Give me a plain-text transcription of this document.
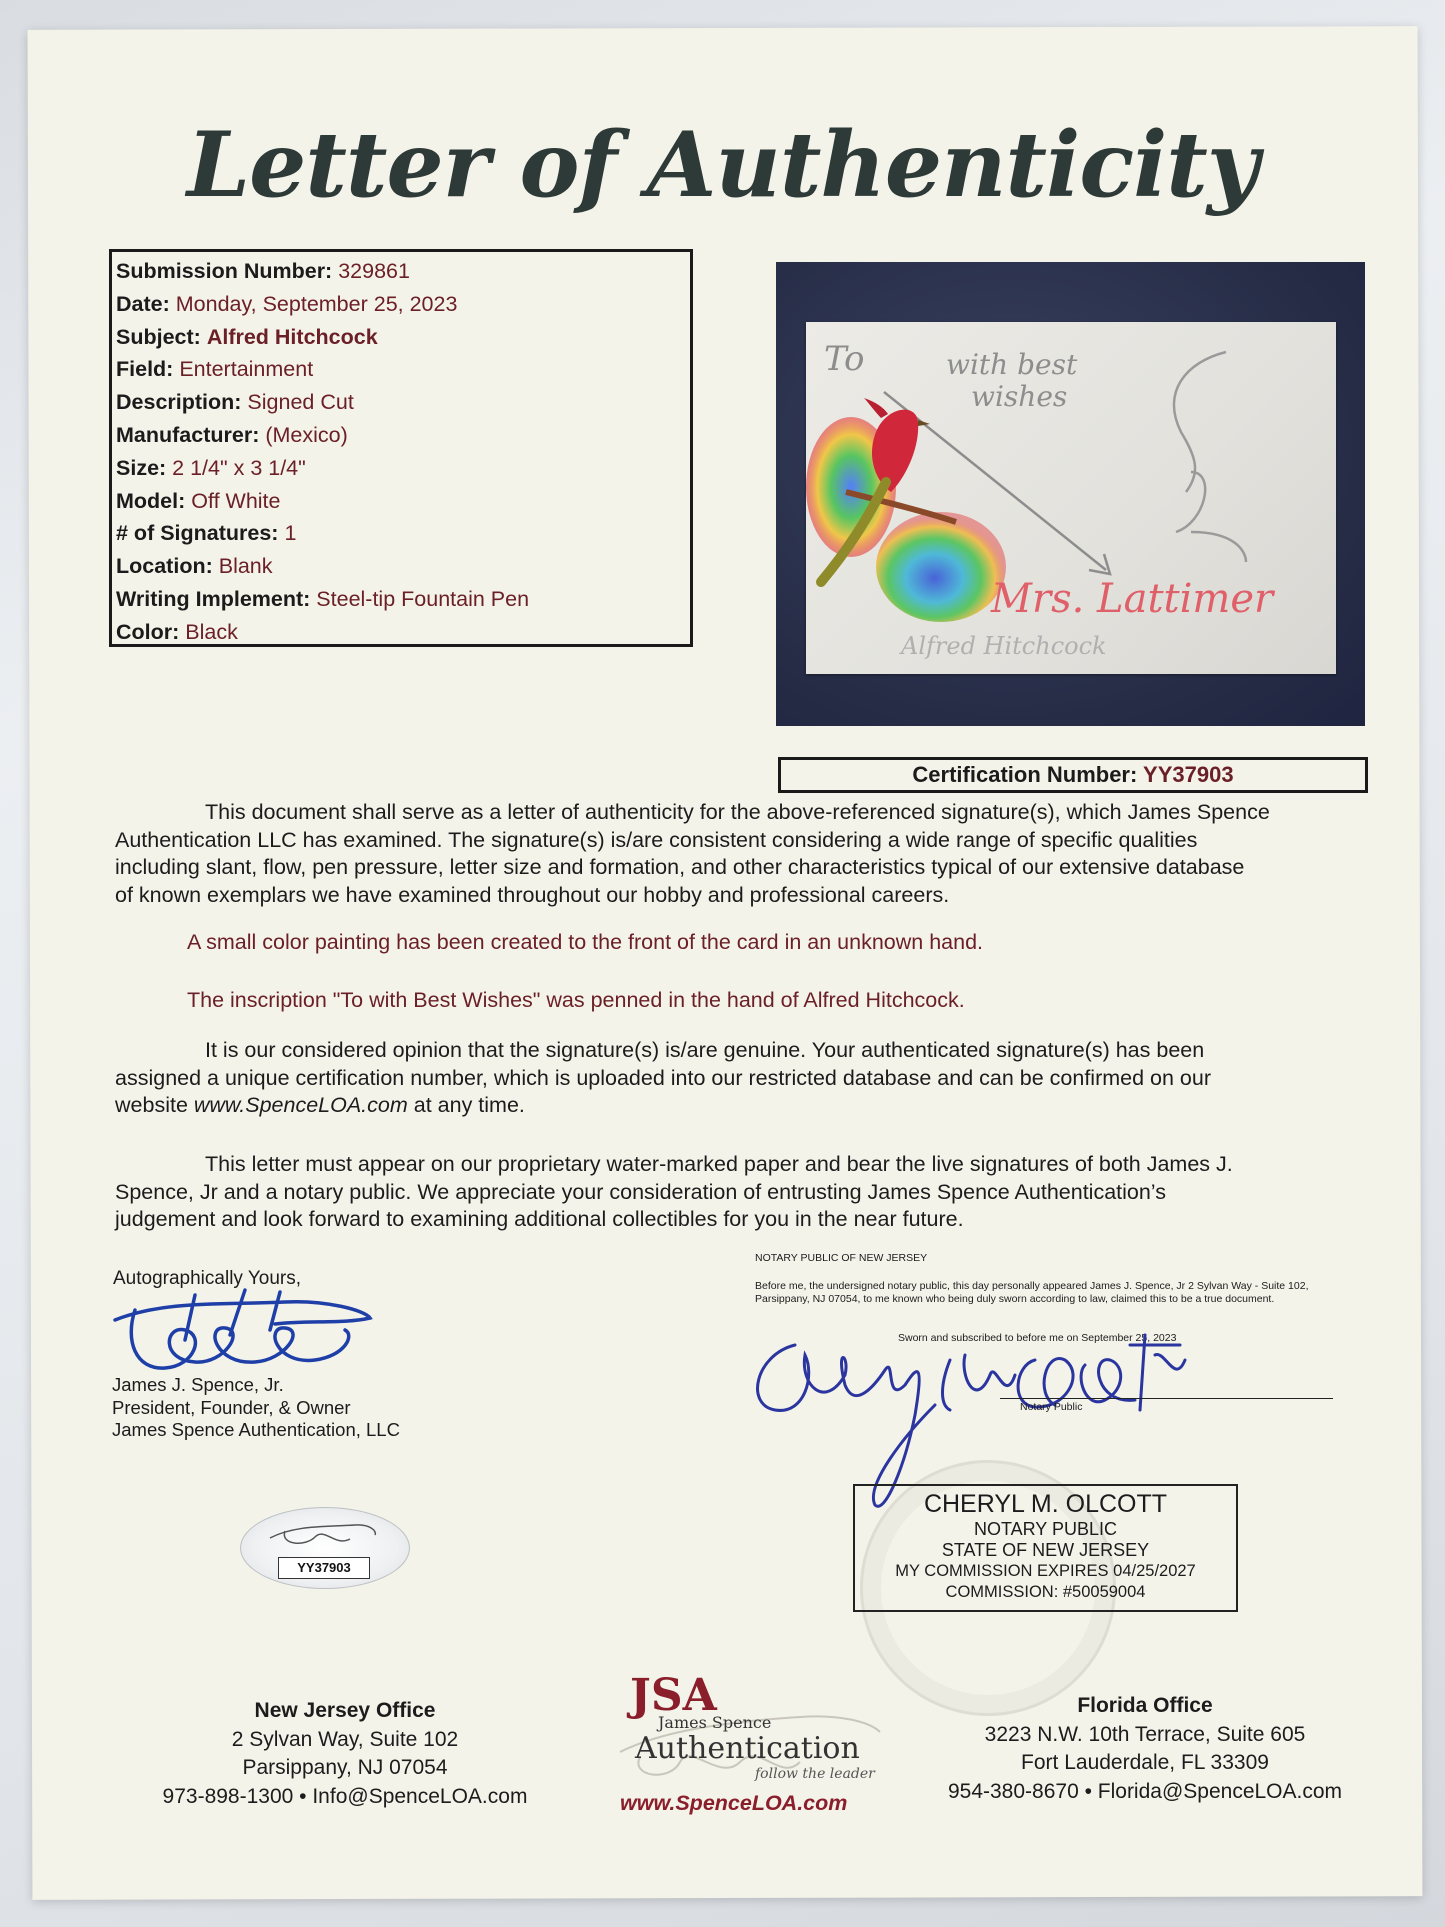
Letter of Authenticity
Submission Number: 329861
Date: Monday, September 25, 2023
Subject: Alfred Hitchcock
Field: Entertainment
Description: Signed Cut
Manufacturer: (Mexico)
Size: 2 1/4" x 3 1/4"
Model: Off White
# of Signatures: 1
Location: Blank
Writing Implement: Steel-tip Fountain Pen
Color: Black
To	with best
wishes
Mrs. Lattimer
Alfred Hitchcock
Certification Number: YY37903
This document shall serve as a letter of authenticity for the above-referenced signature(s), which James Spence
Authentication LLC has examined. The signature(s) is/are consistent considering a wide range of specific qualities
including slant, flow, pen pressure, letter size and formation, and other characteristics typical of our extensive database
of known exemplars we have examined throughout our hobby and professional careers.
A small color painting has been created to the front of the card in an unknown hand.
The inscription "To with Best Wishes" was penned in the hand of Alfred Hitchcock.
It is our considered opinion that the signature(s) is/are genuine. Your authenticated signature(s) has been
assigned a unique certification number, which is uploaded into our restricted database and can be confirmed on our
website www.SpenceLOA.com at any time.
This letter must appear on our proprietary water-marked paper and bear the live signatures of both James J.
Spence, Jr and a notary public. We appreciate your consideration of entrusting James Spence Authentication’s
judgement and look forward to examining additional collectibles for you in the near future.
Autographically Yours,
James J. Spence, Jr.
President, Founder, & Owner
James Spence Authentication, LLC
YY37903
NOTARY PUBLIC OF NEW JERSEY
Before me, the undersigned notary public, this day personally appeared James J. Spence, Jr 2 Sylvan Way - Suite 102, Parsippany, NJ 07054, to me known who being duly sworn according to law, claimed this to be a true document.
Sworn and subscribed to before me on September 25, 2023
Notary Public
CHERYL M. OLCOTT
NOTARY PUBLIC
STATE OF NEW JERSEY
MY COMMISSION EXPIRES 04/25/2027
COMMISSION: #50059004
New Jersey Office
2 Sylvan Way, Suite 102
Parsippany, NJ 07054
973-898-1300 • Info@SpenceLOA.com
Florida Office
3223 N.W. 10th Terrace, Suite 605
Fort Lauderdale, FL 33309
954-380-8670 • Florida@SpenceLOA.com
JSA
James Spence
Authentication
follow the leader
www.SpenceLOA.com
